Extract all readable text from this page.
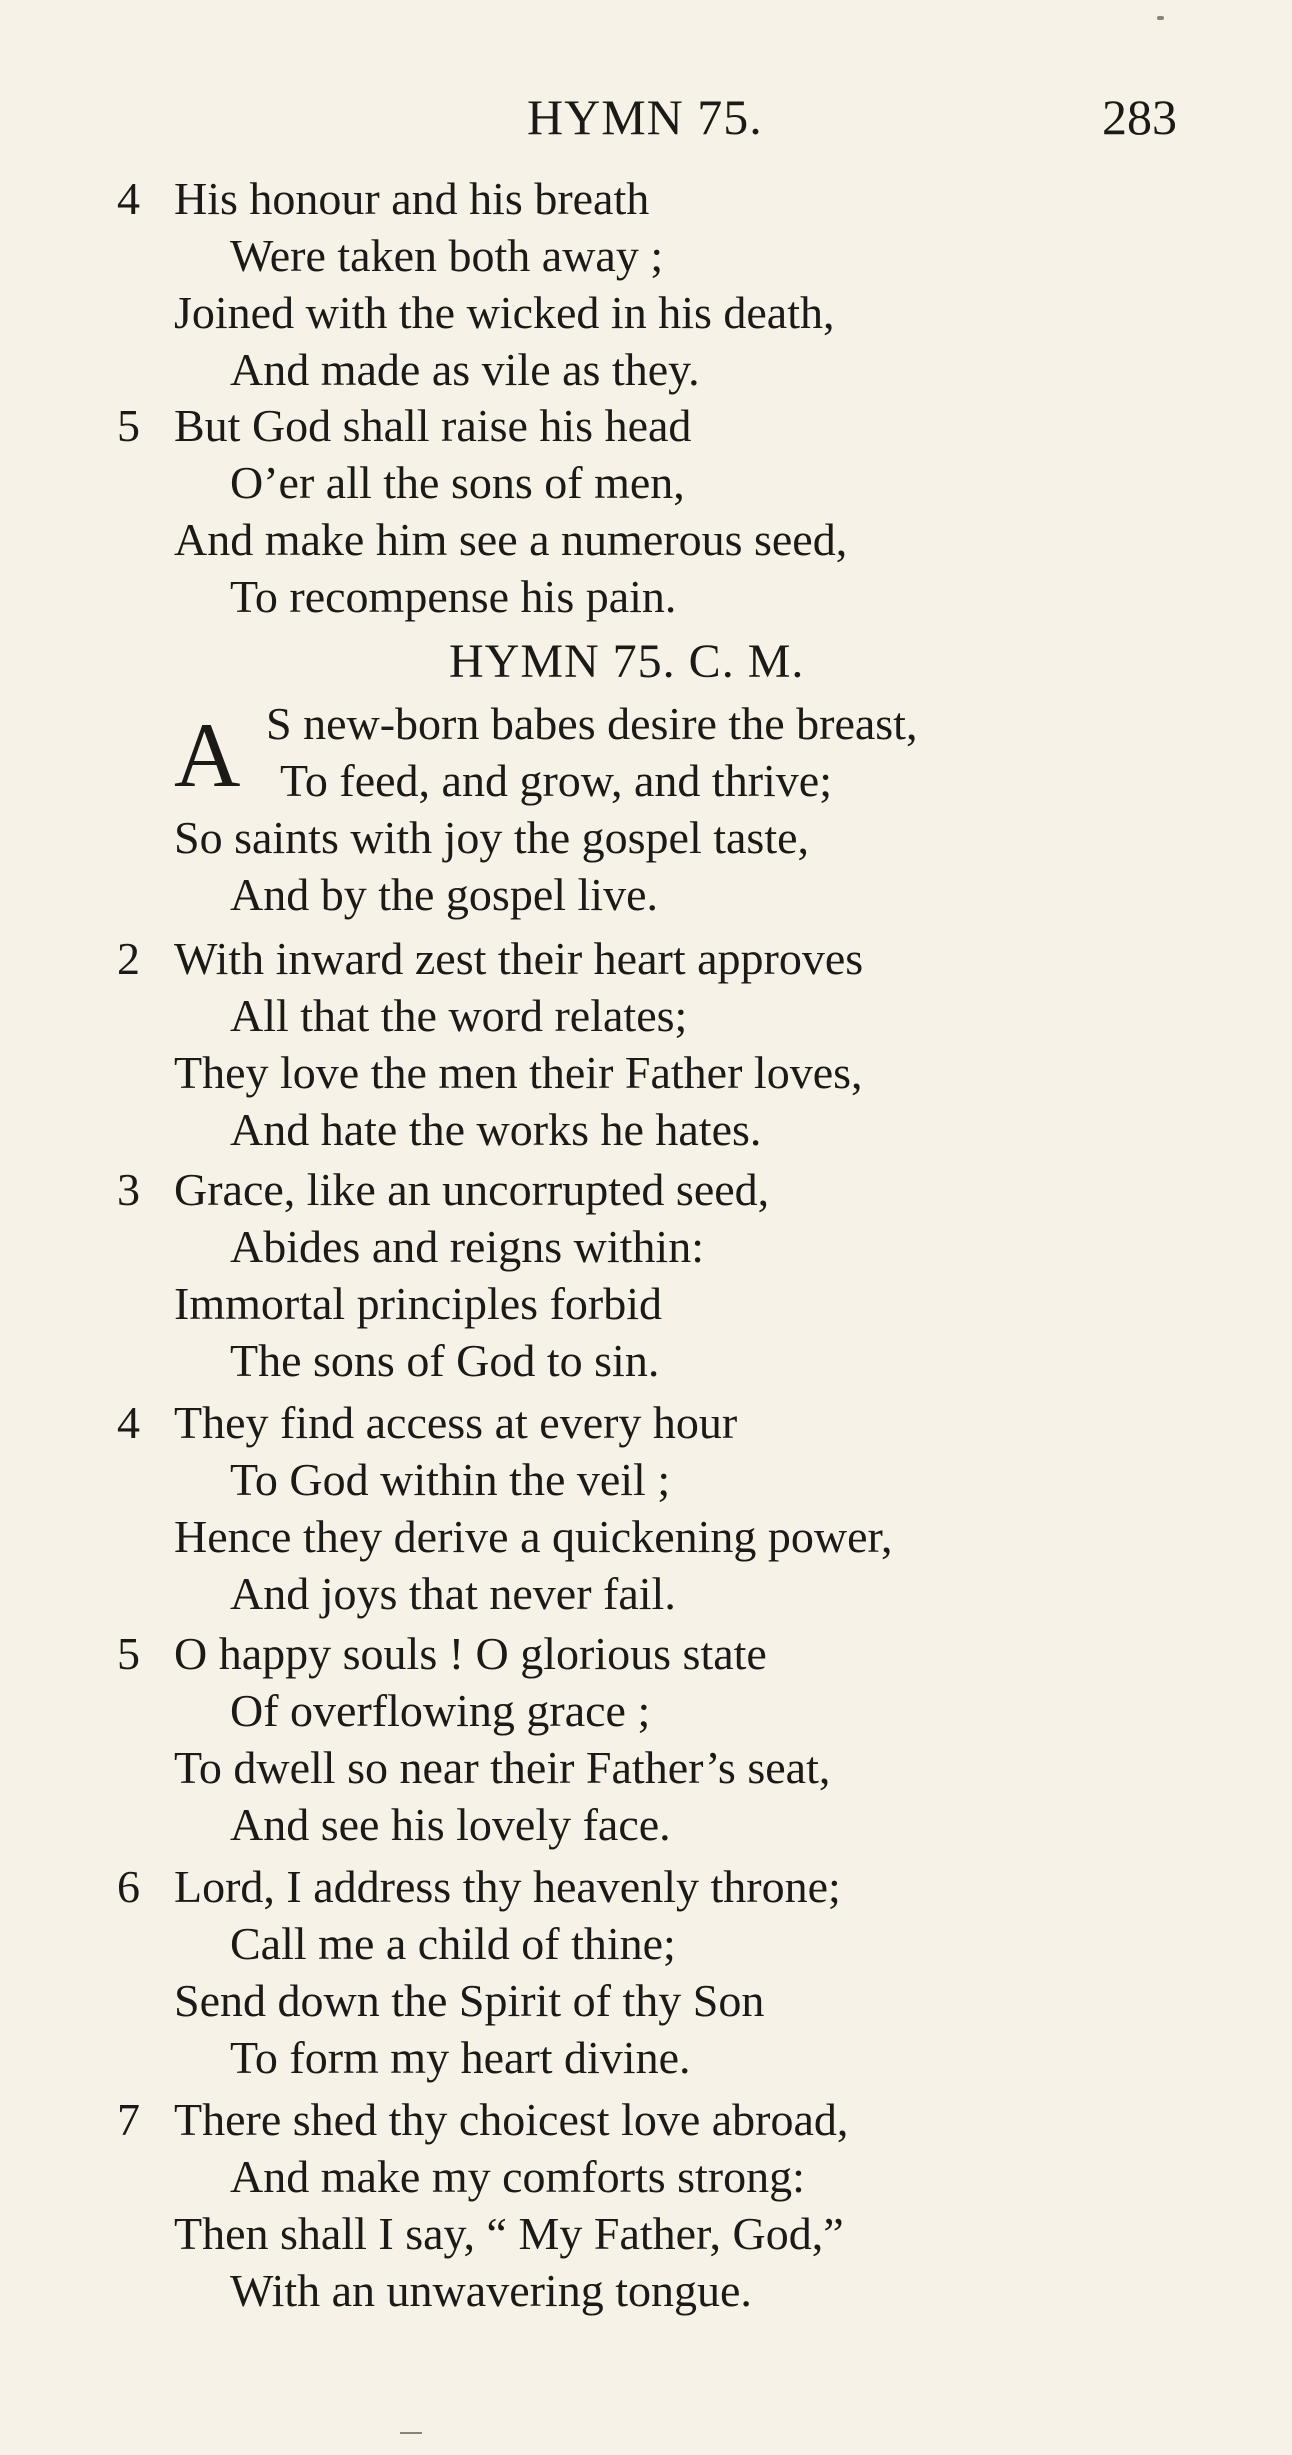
HYMN 75.	283
4 His honour and his breath
Were taken both away ;
Joined with the wicked in his death,
And made as vile as they.
5 But God shall raise his head
O’er all the sons of men,
And make him see a numerous seed,
To recompense his pain.
HYMN 75. C. M.
A S new-born babes desire the breast,
To feed, and grow, and thrive;
So saints with joy the gospel taste,
And by the gospel live.
2 With inward zest their heart approves
All that the word relates;
They love the men their Father loves,
And hate the works he hates.
3 Grace, like an uncorrupted seed,
Abides and reigns within:
Immortal principles forbid
The sons of God to sin.
4 They find access at every hour
To God within the veil ;
Hence they derive a quickening power,
And joys that never fail.
5 O happy souls ! O glorious state
Of overflowing grace ;
To dwell so near their Father’s seat,
And see his lovely face.
6 Lord, I address thy heavenly throne;
Call me a child of thine;
Send down the Spirit of thy Son
To form my heart divine.
7 There shed thy choicest love abroad,
And make my comforts strong:
Then shall I say, “ My Father, God,”
With an unwavering tongue.
